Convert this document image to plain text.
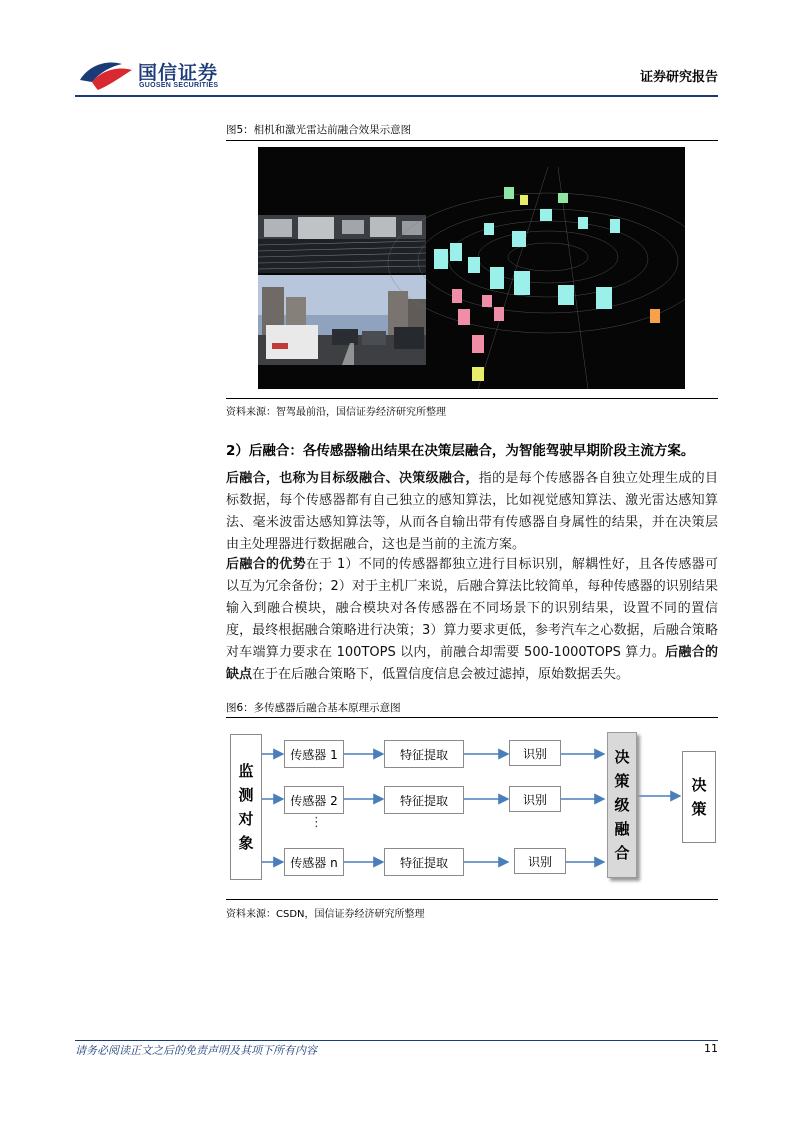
国信证券
GUOSEN SECURITIES
证券研究报告
图5：相机和激光雷达前融合效果示意图
资料来源：智驾最前沿，国信证券经济研究所整理
2）后融合：各传感器输出结果在决策层融合，为智能驾驶早期阶段主流方案。
后融合，也称为目标级融合、决策级融合，指的是每个传感器各自独立处理生成的目标数据，每个传感器都有自己独立的感知算法，比如视觉感知算法、激光雷达感知算法、毫米波雷达感知算法等，从而各自输出带有传感器自身属性的结果，并在决策层由主处理器进行数据融合，这也是当前的主流方案。
后融合的优势在于 1）不同的传感器都独立进行目标识别，解耦性好，且各传感器可以互为冗余备份；2）对于主机厂来说，后融合算法比较简单，每种传感器的识别结果输入到融合模块，融合模块对各传感器在不同场景下的识别结果，设置不同的置信度，最终根据融合策略进行决策；3）算力要求更低，参考汽车之心数据，后融合策略对车端算力要求在 100TOPS 以内，前融合却需要 500-1000TOPS 算力。后融合的缺点在于在后融合策略下，低置信度信息会被过滤掉，原始数据丢失。
图6：多传感器后融合基本原理示意图
监
测
对
象
传感器 1
传感器 2
传感器 n
⋮
特征提取
特征提取
特征提取
识别
识别
识别
决
策
级
融
合
决
策
资料来源：CSDN，国信证券经济研究所整理
请务必阅读正文之后的免责声明及其项下所有内容	11
